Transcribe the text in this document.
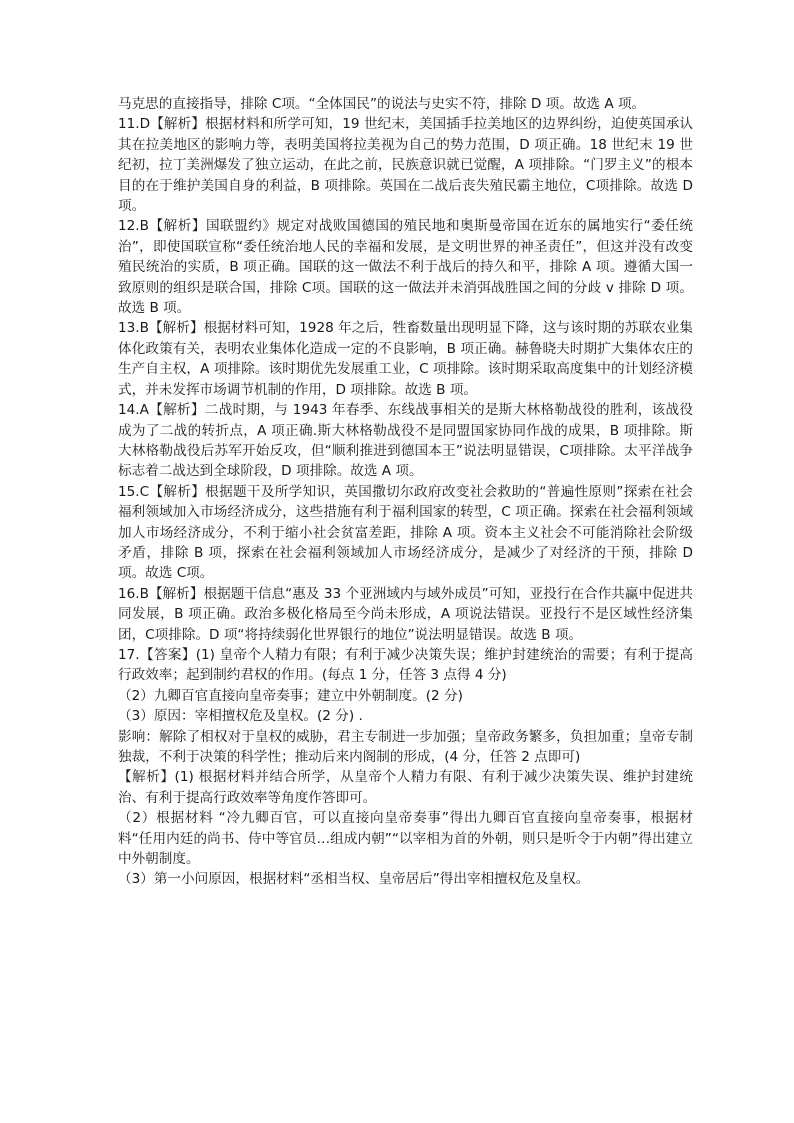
马克思的直接指导，排除 C项。“全体国民”的说法与史实不符，排除 D 项。故选 A 项。

11.D【解析】根据材料和所学可知，19 世纪末，美国插手拉美地区的边界纠纷，迫使英国承认其在拉美地区的影响力等，表明美国将拉美视为自己的势力范围，D 项正确。18 世纪末 19 世纪初，拉丁美洲爆发了独立运动，在此之前，民族意识就已觉醒，A 项排除。“门罗主义”的根本目的在于维护美国自身的利益，B 项排除。英国在二战后丧失殖民霸主地位，C项排除。故选 D项。

12.B【解析】国联盟约》规定对战败国德国的殖民地和奥斯曼帝国在近东的属地实行“委任统治”，即使国联宣称“委任统治地人民的幸福和发展，是文明世界的神圣责任”，但这并没有改变殖民统治的实质，B 项正确。国联的这一做法不利于战后的持久和平，排除 A 项。遵循大国一致原则的组织是联合国，排除 C项。国联的这一做法并未消弭战胜国之间的分歧 v 排除 D 项。故选 B 项。

13.B【解析】根据材料可知，1928 年之后，牲畜数量出现明显下降，这与该时期的苏联农业集体化政策有关，表明农业集体化造成一定的不良影响，B 项正确。赫鲁晓夫时期扩大集体农庄的生产自主权，A 项排除。该时期优先发展重工业，C 项排除。该时期采取高度集中的计划经济模式，并未发挥市场调节机制的作用，D 项排除。故选 B 项。

14.A【解析】二战时期，与 1943 年春季、东线战事相关的是斯大林格勒战役的胜利，该战役成为了二战的转折点，A 项正确.斯大林格勒战役不是同盟国家协同作战的成果，B 项排除。斯大林格勒战役后苏军开始反攻，但“顺利推进到德国本王”说法明显错误，C项排除。太平洋战争标志着二战达到全球阶段，D 项排除。故选 A 项。

15.C【解析】根据题干及所学知识，英国撒切尔政府改变社会救助的“普遍性原则”探索在社会福利领域加入市场经济成分，这些措施有利于福利国家的转型，C 项正确。探索在社会福利领域加人市场经济成分，不利于缩小社会贫富差距，排除 A 项。资本主义社会不可能消除社会阶级矛盾，排除 B 项，探索在社会福利领域加人市场经济成分，是减少了对经济的干预，排除 D 项。故选 C项。

16.B【解析】根据题干信息“惠及 33 个亚洲域内与域外成员”可知，亚投行在合作共赢中促进共同发展，B 项正确。政治多极化格局至今尚未形成，A 项说法错误。亚投行不是区域性经济集团，C项排除。D 项“将持续弱化世界银行的地位”说法明显错误。故选 B 项。

17.【答案】(1) 皇帝个人精力有限；有利于减少决策失误；维护封建统治的需要；有利于提高行政效率；起到制约君权的作用。(每点 1 分，任答 3 点得 4 分)

（2）九卿百官直接向皇帝奏事；建立中外朝制度。(2 分)

（3）原因：宰相擅权危及皇权。(2 分) .

影响：解除了相权对于皇权的威胁，君主专制进一步加强；皇帝政务繁多，负担加重；皇帝专制独裁，不利于决策的科学性；推动后来内阁制的形成，(4 分，任答 2 点即可)

【解析】(1) 根据材料并结合所学，从皇帝个人精力有限、有利于减少决策失误、维护封建统治、有利于提高行政效率等角度作答即可。

（2）根据材料 “冷九卿百官，可以直接向皇帝奏事”得出九卿百官直接向皇帝奏事，根据材料“任用内廷的尚书、侍中等官员…组成内朝”“以宰相为首的外朝，则只是听令于内朝”得出建立中外朝制度。

（3）第一小问原因，根据材料“丞相当权、皇帝居后”得出宰相擅权危及皇权。
